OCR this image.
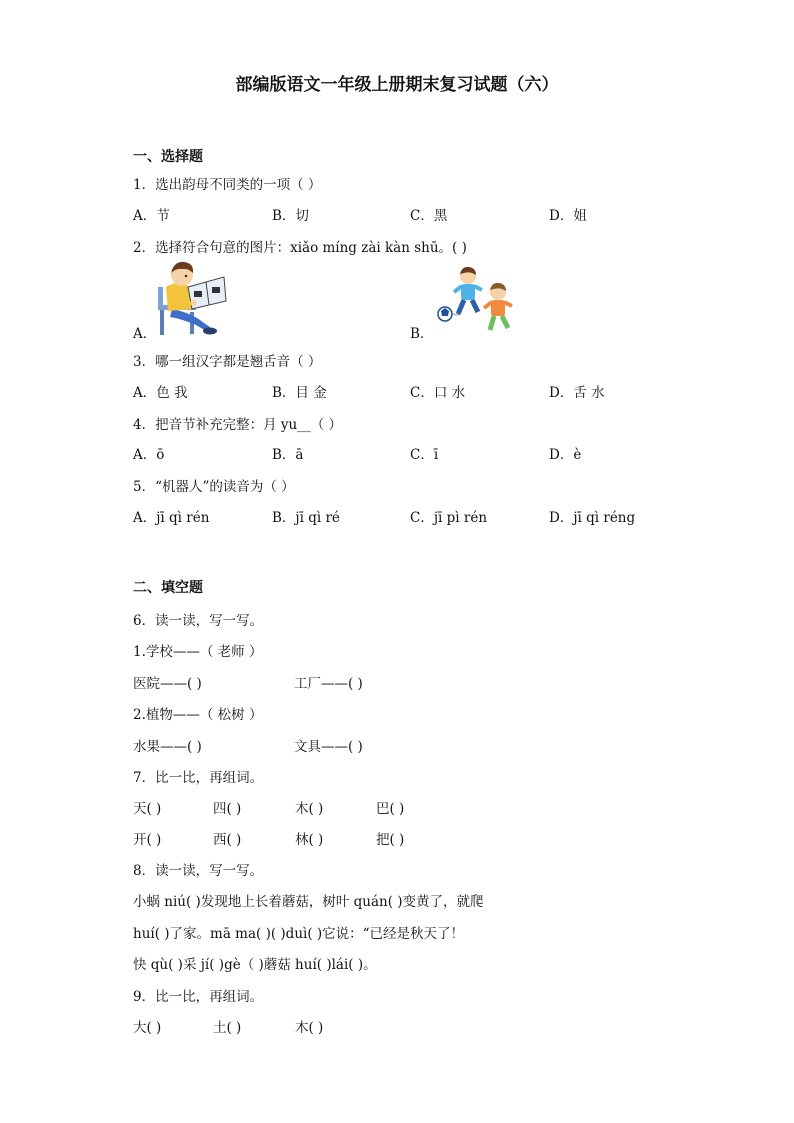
部编版语文一年级上册期末复习试题（六）
一、选择题
1．选出韵母不同类的一项（ ）
A．节	B．切	C．黑	D．姐
2．选择符合句意的图片：xiǎo míng zài kàn shū。( )
A．	B．
3．哪一组汉字都是翘舌音（ ）
A．色 我	B．目 金	C．口 水	D．舌 水
4．把音节补充完整：月 yu__（ ）
A．ō	B．ā	C．ī	D．è
5．“机器人”的读音为（ ）
A．jī qì rén	B．jī qì ré	C．jī pì rén	D．jī qì réng
二、填空题
6．读一读，写一写。
1.学校——（ 老师 ）
医院——( )	工厂——( )
2.植物——（ 松树 ）
水果——( )	文具——( )
7．比一比，再组词。
天( )	四( )	木( )	巴( )
开( )	西( )	林( )	把( )
8．读一读，写一写。
小蜗 niú( )发现地上长着蘑菇，树叶 quán( )变黄了，就爬
huí( )了家。mā ma( )( )duì( )它说：“已经是秋天了！
快 qù( )采 jí( )gè（ )蘑菇 huí( )lái( )。
9．比一比，再组词。
大( )	土( )	木( )
